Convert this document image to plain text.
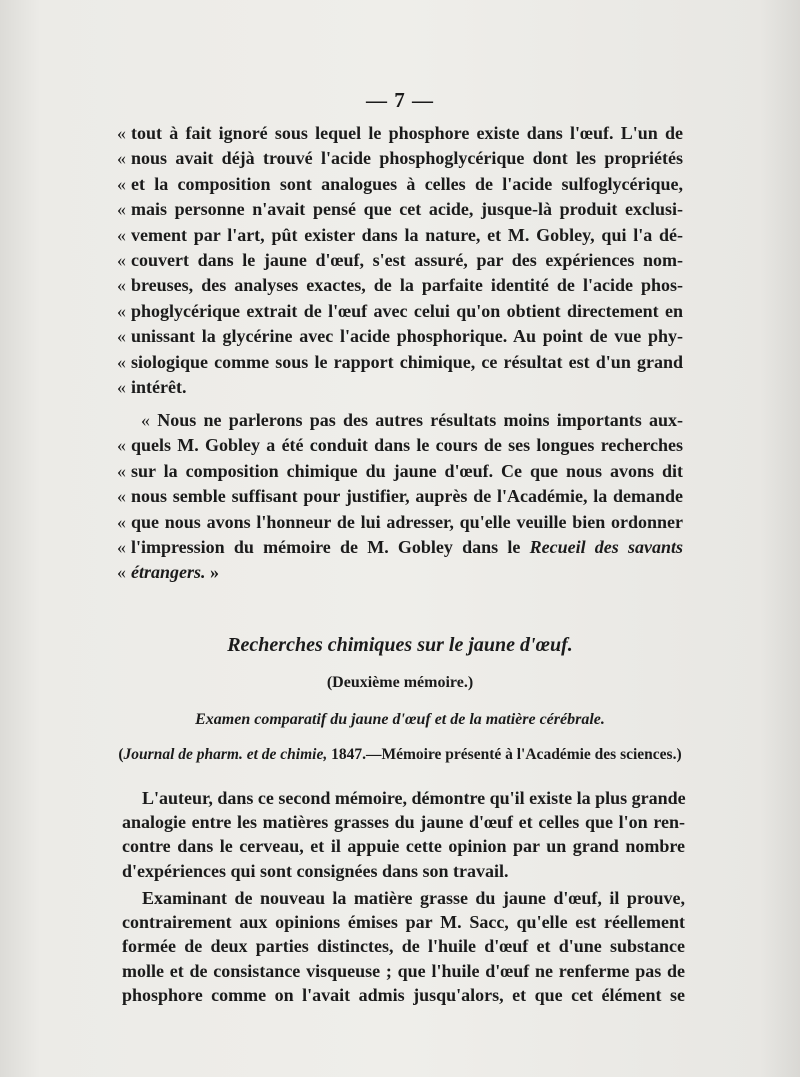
— 7 —
« tout à fait ignoré sous lequel le phosphore existe dans l'œuf. L'un de
« nous avait déjà trouvé l'acide phosphoglycérique dont les propriétés
« et la composition sont analogues à celles de l'acide sulfoglycérique,
« mais personne n'avait pensé que cet acide, jusque-là produit exclusi-
« vement par l'art, pût exister dans la nature, et M. Gobley, qui l'a dé-
« couvert dans le jaune d'œuf, s'est assuré, par des expériences nom-
« breuses, des analyses exactes, de la parfaite identité de l'acide phos-
« phoglycérique extrait de l'œuf avec celui qu'on obtient directement en
« unissant la glycérine avec l'acide phosphorique. Au point de vue phy-
« siologique comme sous le rapport chimique, ce résultat est d'un grand
« intérêt.
« Nous ne parlerons pas des autres résultats moins importants aux-
« quels M. Gobley a été conduit dans le cours de ses longues recherches
« sur la composition chimique du jaune d'œuf. Ce que nous avons dit
« nous semble suffisant pour justifier, auprès de l'Académie, la demande
« que nous avons l'honneur de lui adresser, qu'elle veuille bien ordonner
« l'impression du mémoire de M. Gobley dans le Recueil des savants
« étrangers. »
Recherches chimiques sur le jaune d'œuf.
(Deuxième mémoire.)
Examen comparatif du jaune d'œuf et de la matière cérébrale.
(Journal de pharm. et de chimie, 1847.—Mémoire présenté à l'Académie des sciences.)
L'auteur, dans ce second mémoire, démontre qu'il existe la plus grande
analogie entre les matières grasses du jaune d'œuf et celles que l'on ren-
contre dans le cerveau, et il appuie cette opinion par un grand nombre
d'expériences qui sont consignées dans son travail.
Examinant de nouveau la matière grasse du jaune d'œuf, il prouve,
contrairement aux opinions émises par M. Sacc, qu'elle est réellement
formée de deux parties distinctes, de l'huile d'œuf et d'une substance
molle et de consistance visqueuse ; que l'huile d'œuf ne renferme pas de
phosphore comme on l'avait admis jusqu'alors, et que cet élément se
